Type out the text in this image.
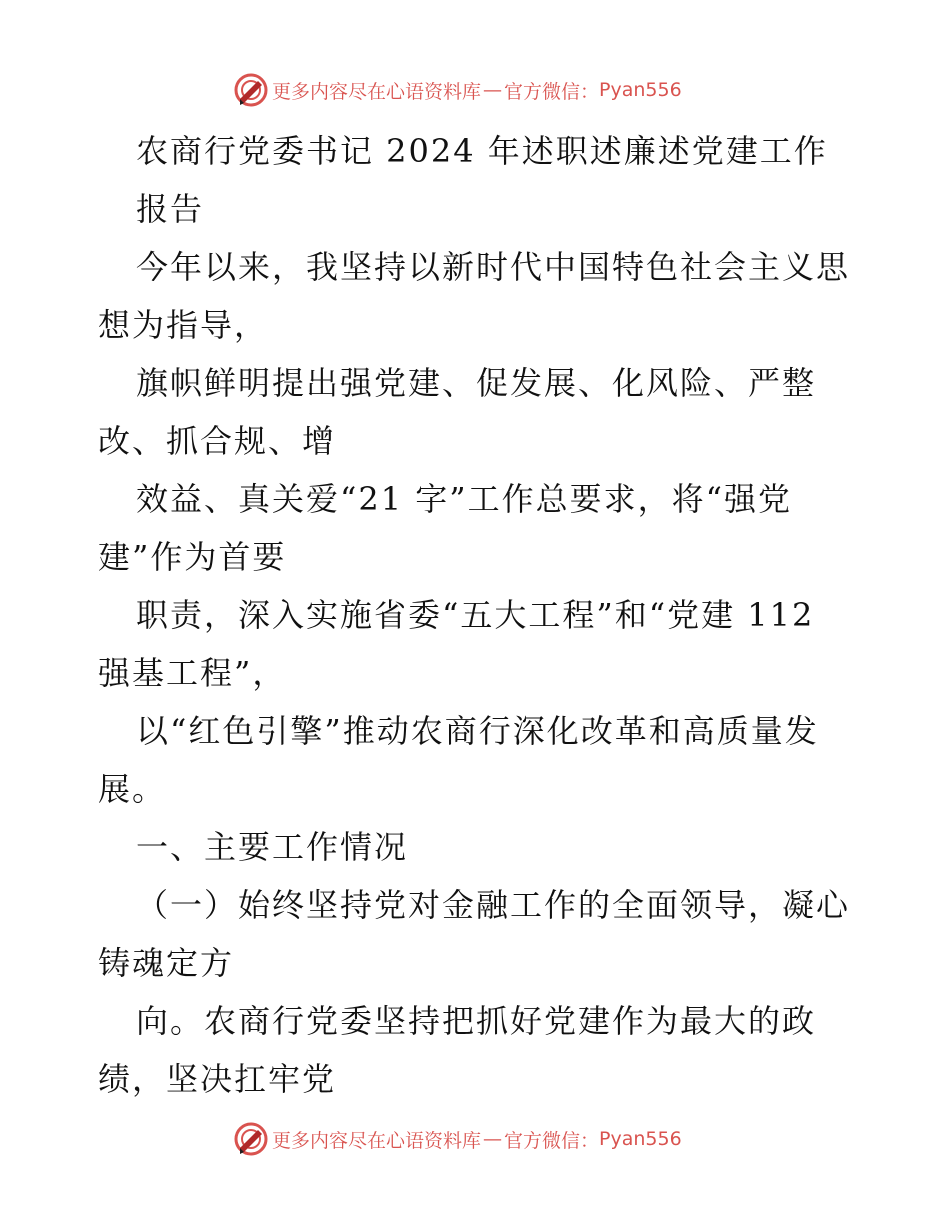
更多内容尽在心语资料库 — 官方微信： Pyan556
农商行党委书记 2024 年述职述廉述党建工作
报告
今年以来，我坚持以新时代中国特色社会主义思
想为指导，
旗帜鲜明提出强党建、促发展、化风险、严整
改、抓合规、增
效益、真关爱“21 字”工作总要求，将“强党
建”作为首要
职责，深入实施省委“五大工程”和“党建 112
强基工程”，
以“红色引擎”推动农商行深化改革和高质量发
展。
一、主要工作情况
（一）始终坚持党对金融工作的全面领导，凝心
铸魂定方
向。农商行党委坚持把抓好党建作为最大的政
绩，坚决扛牢党
更多内容尽在心语资料库 — 官方微信： Pyan556
